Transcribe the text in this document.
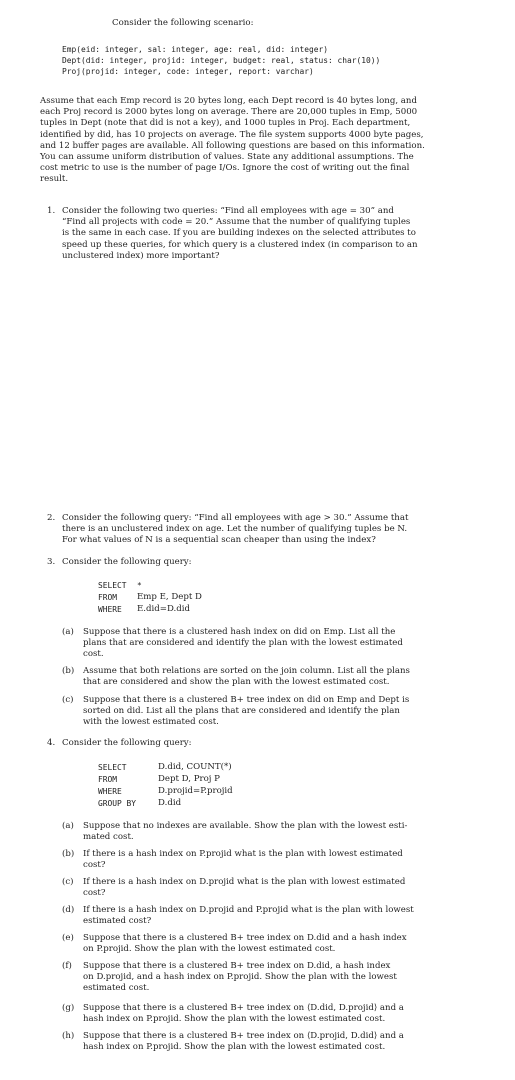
Consider the following scenario:
Emp(eid: integer, sal: integer, age: real, did: integer)
Dept(did: integer, projid: integer, budget: real, status: char(10))
Proj(projid: integer, code: integer, report: varchar)
Assume that each Emp record is 20 bytes long, each Dept record is 40 bytes long, and
each Proj record is 2000 bytes long on average. There are 20,000 tuples in Emp, 5000
tuples in Dept (note that did is not a key), and 1000 tuples in Proj. Each department,
identified by did, has 10 projects on average. The file system supports 4000 byte pages,
and 12 buffer pages are available. All following questions are based on this information.
You can assume uniform distribution of values. State any additional assumptions. The
cost metric to use is the number of page I/Os. Ignore the cost of writing out the final
result.
1. Consider the following two queries: “Find all employees with age = 30” and
“Find all projects with code = 20.” Assume that the number of qualifying tuples
is the same in each case. If you are building indexes on the selected attributes to
speed up these queries, for which query is a clustered index (in comparison to an
unclustered index) more important?
2. Consider the following query: “Find all employees with age > 30.” Assume that
there is an unclustered index on age. Let the number of qualifying tuples be N.
For what values of N is a sequential scan cheaper than using the index?
3. Consider the following query:
SELECT *
FROM Emp E, Dept D
WHERE E.did=D.did
(a) Suppose that there is a clustered hash index on did on Emp. List all the
plans that are considered and identify the plan with the lowest estimated
cost.
(b) Assume that both relations are sorted on the join column. List all the plans
that are considered and show the plan with the lowest estimated cost.
(c) Suppose that there is a clustered B+ tree index on did on Emp and Dept is
sorted on did. List all the plans that are considered and identify the plan
with the lowest estimated cost.
4. Consider the following query:
SELECT	D.did, COUNT(*)
FROM	Dept D, Proj P
WHERE	D.projid=P.projid
GROUP BY	D.did
(a) Suppose that no indexes are available. Show the plan with the lowest esti-
mated cost.
(b) If there is a hash index on P.projid what is the plan with lowest estimated
cost?
(c) If there is a hash index on D.projid what is the plan with lowest estimated
cost?
(d) If there is a hash index on D.projid and P.projid what is the plan with lowest
estimated cost?
(e) Suppose that there is a clustered B+ tree index on D.did and a hash index
on P.projid. Show the plan with the lowest estimated cost.
(f) Suppose that there is a clustered B+ tree index on D.did, a hash index
on D.projid, and a hash index on P.projid. Show the plan with the lowest
estimated cost.
(g) Suppose that there is a clustered B+ tree index on ⟨D.did, D.projid⟩ and a
hash index on P.projid. Show the plan with the lowest estimated cost.
(h) Suppose that there is a clustered B+ tree index on ⟨D.projid, D.did⟩ and a
hash index on P.projid. Show the plan with the lowest estimated cost.
